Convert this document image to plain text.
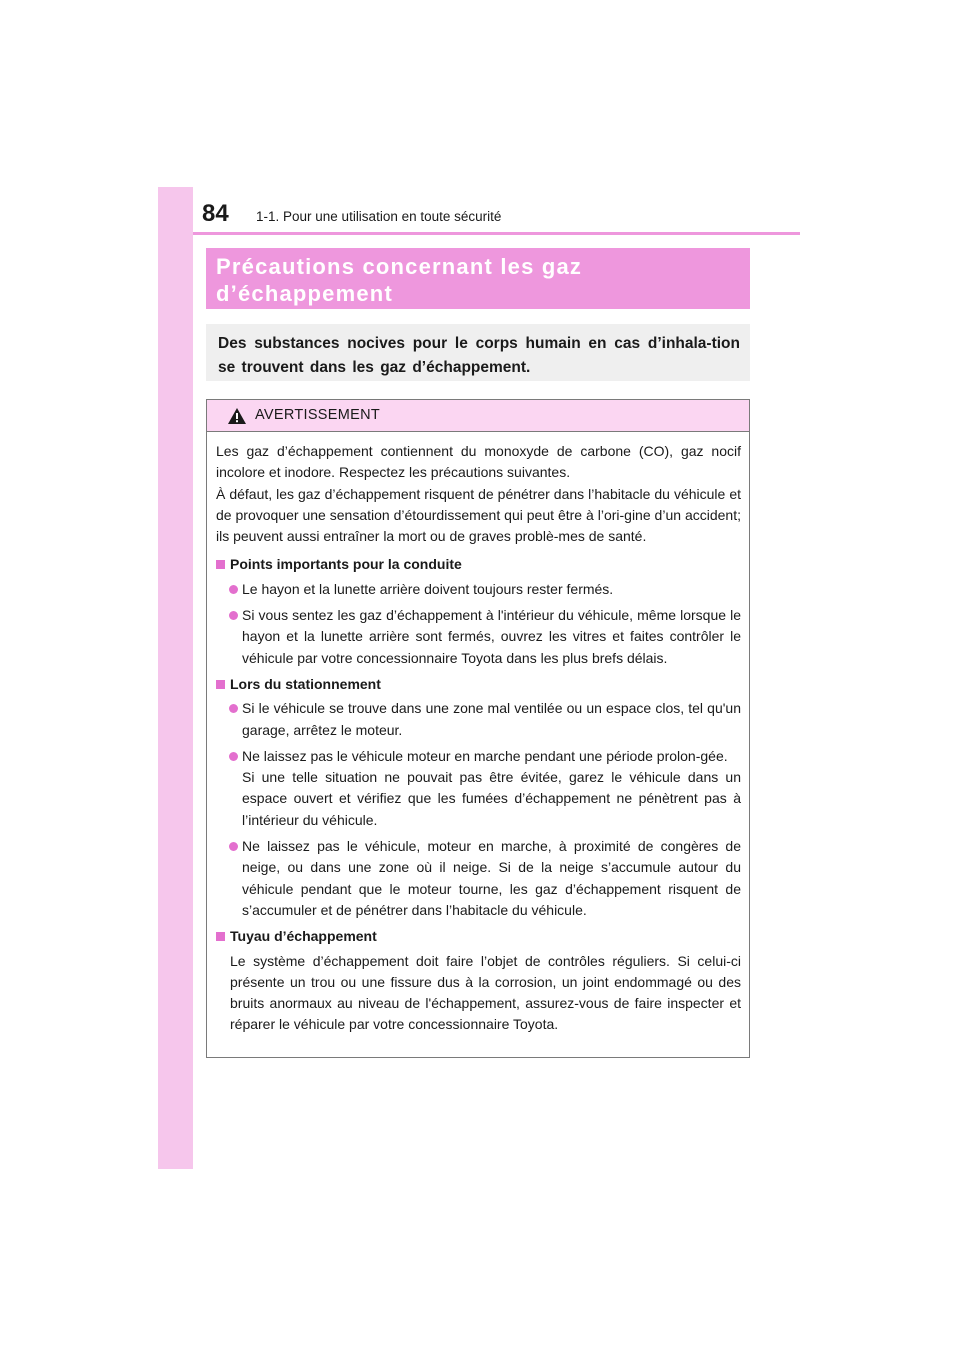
84 1-1. Pour une utilisation en toute sécurité
Précautions concernant les gaz
d’échappement
Des substances nocives pour le corps humain en cas d’inhala-tion se trouvent dans les gaz d’échappement.
AVERTISSEMENT

Les gaz d’échappement contiennent du monoxyde de carbone (CO), gaz nocif incolore et inodore. Respectez les précautions suivantes.

À défaut, les gaz d’échappement risquent de pénétrer dans l’habitacle du véhicule et de provoquer une sensation d’étourdissement qui peut être à l’ori-gine d’un accident; ils peuvent aussi entraîner la mort ou de graves problè-mes de santé.

Points importants pour la conduite
Le hayon et la lunette arrière doivent toujours rester fermés.
Si vous sentez les gaz d’échappement à l'intérieur du véhicule, même lorsque le hayon et la lunette arrière sont fermés, ouvrez les vitres et faites contrôler le véhicule par votre concessionnaire Toyota dans les plus brefs délais.
Lors du stationnement
Si le véhicule se trouve dans une zone mal ventilée ou un espace clos, tel qu'un garage, arrêtez le moteur.
Ne laissez pas le véhicule moteur en marche pendant une période prolon-gée.
Si une telle situation ne pouvait pas être évitée, garez le véhicule dans un espace ouvert et vérifiez que les fumées d’échappement ne pénètrent pas à l’intérieur du véhicule.
Ne laissez pas le véhicule, moteur en marche, à proximité de congères de neige, ou dans une zone où il neige. Si de la neige s’accumule autour du véhicule pendant que le moteur tourne, les gaz d’échappement risquent de s’accumuler et de pénétrer dans l’habitacle du véhicule.
Tuyau d’échappement
Le système d’échappement doit faire l’objet de contrôles réguliers. Si celui-ci présente un trou ou une fissure dus à la corrosion, un joint endommagé ou des bruits anormaux au niveau de l'échappement, assurez-vous de faire inspecter et réparer le véhicule par votre concessionnaire Toyota.
